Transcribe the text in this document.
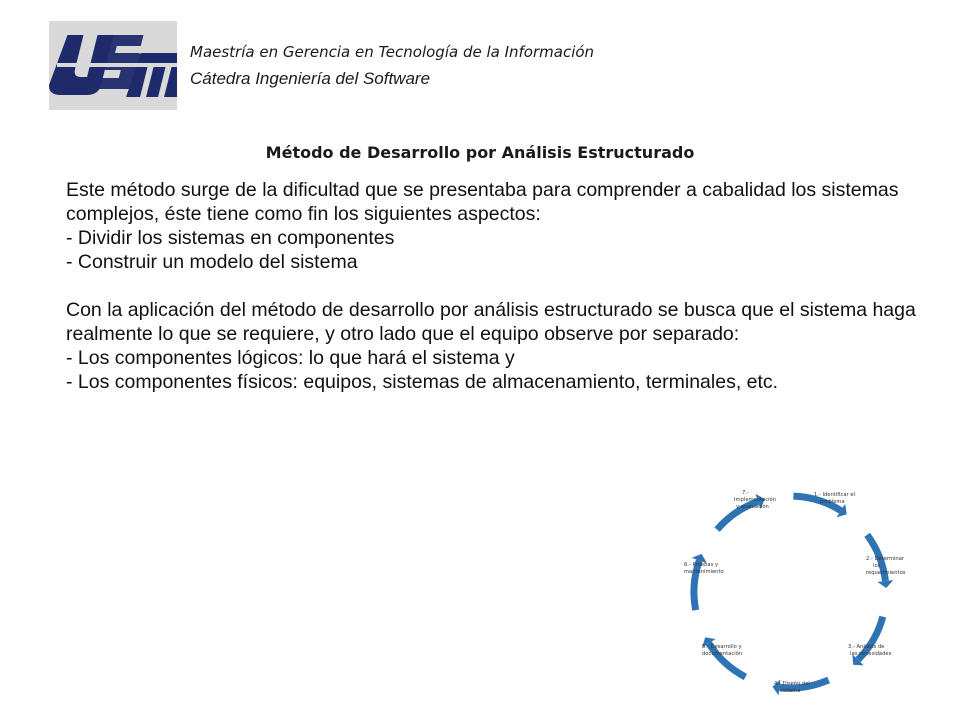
Maestría en Gerencia en Tecnología de la Información
Cátedra Ingeniería del Software
Método de Desarrollo por Análisis Estructurado

Este método surge de la dificultad que se presentaba para comprender a cabalidad los sistemas complejos, éste tiene como fin los siguientes aspectos:

- Dividir los sistemas en componentes

- Construir un modelo del sistema

Con la aplicación del método de desarrollo por análisis estructurado se busca que el sistema haga realmente lo que se requiere, y otro lado que el equipo observe por separado:

- Los componentes lógicos: lo que hará el sistema y

- Los componentes físicos: equipos, sistemas de almacenamiento, terminales, etc.

1.- Identificar el
problema
2.- Determinar
los
requerimientos
3.- Análisis de
las necesidades
4.- Diseño del
sistema
5.- Desarrollo y
documentación
6.- Pruebas y
mantenimiento
7.-
Implementación
y evaluación
